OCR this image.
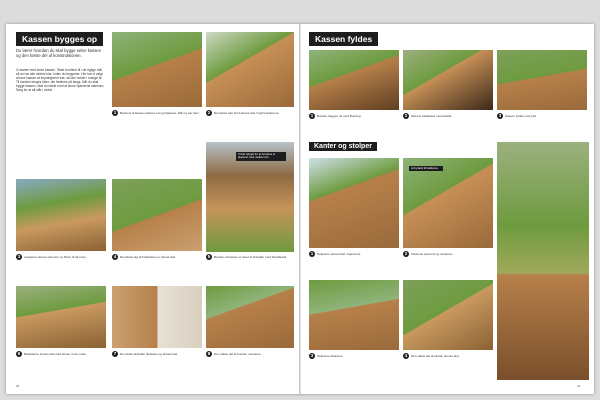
Kassen bygges op
Du lærer hvordan du skal bygge selve kassen og den første del af konstruktionen.
Vi starter med selve kassen. Skær bordene til i de rigtige mål, så du har alle delene klar, inden du begynder. Her har vi valgt at lave kassen af imprægneret træ, så den holder i mange år. Til bunden bruges lister, der fæstnes på langs. Når du skal bygge kassen, skal du starte med at skrue hjørnerne sammen. Sørg for at alt står i vinkel.
1 Bordene til kassen skæres ud og tilpasses. Mål og sav dem.	2 Det første sæt bord skrues fast i hjørnestolperne.
Vi har sørget for at bordene er placeret med mellemrum.
3 Lægterne skrues sammen og bliver til rammen.	4 Det første lag af brædderne er skruet fast.	5 Bunden af kassen er lavet af brædder med lidt afstand.
6 Brædderne skrues fast med skruer i hver ende.	7 De næste brædder tilpasses og skrues fast.	8 Den sidste del af bunden monteres.
20
Kassen fyldes
1 Bunden lægges ud med fiberdug.	2 Siderne beklædes med plastik.	3 Kassen fyldes med jord.
Kanter og stolper
Lidt plads til fødderne.
1 Stolperne skrues fast i hjørnerne.	2 Kanterne saves til og monteres.
3 Stolperne tilpasses.	4 Den sidste del af kanten skrues fast.
21
